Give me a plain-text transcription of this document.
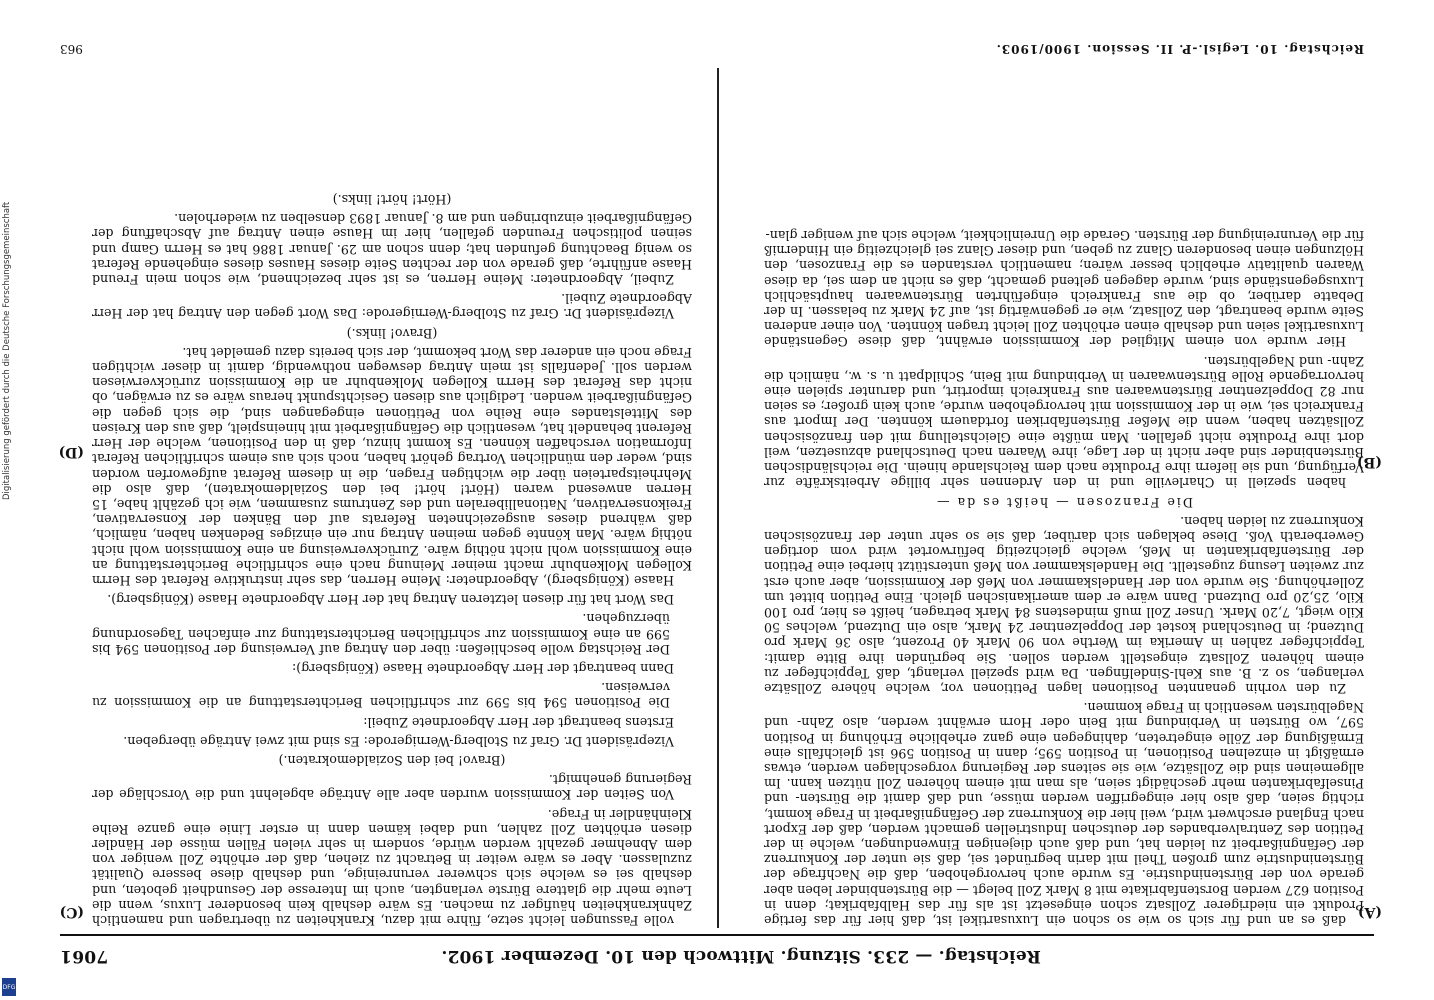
Reichstag. — 233. Sitzung. Mittwoch den 10. Dezember 1902.
7061
(A)
(B)
(C)
(D)

daß es an und für sich so wie so schon ein Luxusartikel ist, daß hier für das fertige Produkt ein niedrigerer Zollsatz schon eingesetzt ist als für das Halbfabrikat; denn in Position 627 werden Borstenfabrikate mit 8 Mark Zoll belegt — die Bürstenbinder leben aber gerade von der Bürstenindustrie. Es wurde auch hervorgehoben, daß die Nachfrage der Bürstenindustrie zum großen Theil mit darin begründet sei, daß sie unter der Konkurrenz der Gefängnißarbeit zu leiden hat, und daß auch diejenigen Einwendungen, welche in der Petition des Zentralverbandes der deutschen Industriellen gemacht werden, daß der Export nach England erschwert wird, weil hier die Konkurrenz der Gefängnißarbeit in Frage kommt, richtig seien, daß also hier eingegriffen werden müsse, und daß damit die Bürsten- und Pinselfabrikanten mehr geschädigt seien, als man mit einem höheren Zoll nützen kann. Im allgemeinen sind die Zollsätze, wie sie seitens der Regierung vorgeschlagen werden, etwas ermäßigt in einzelnen Positionen, in Position 595; dann in Position 596 ist gleichfalls eine Ermäßigung der Zölle eingetreten, dahingegen eine ganz erhebliche Erhöhung in Position 597, wo Bürsten in Verbindung mit Bein oder Horn erwähnt werden, also Zahn- und Nagelbürsten wesentlich in Frage kommen.

Zu den vorhin genannten Positionen lagen Petitionen vor, welche höhere Zollsätze verlangen, so z. B. aus Kehl-Sindelfingen. Da wird speziell verlangt, daß Teppichfeger zu einem höheren Zollsatz eingestellt werden sollen. Sie begründen ihre Bitte damit: Teppichfeger zahlen in Amerika im Werthe von 90 Mark 40 Prozent, also 36 Mark pro Dutzend; in Deutschland kostet der Doppelzentner 24 Mark, also ein Dutzend, welches 50 Kilo wiegt, 7,20 Mark. Unser Zoll muß mindestens 84 Mark betragen, heißt es hier, pro 100 Kilo, 25,20 pro Dutzend. Dann wäre er dem amerikanischen gleich. Eine Petition bittet um Zollerhöhung. Sie wurde von der Handelskammer von Meß der Kommission, aber auch erst zur zweiten Lesung zugestellt. Die Handelskammer von Meß unterstützt hierbei eine Petition der Bürstenfabrikanten in Meß, welche gleichzeitig befürwortet wird vom dortigen Gewerberath Voß. Diese beklagen sich darüber, daß sie so sehr unter der französischen Konkurrenz zu leiden haben.

Die Franzosen — heißt es da —

haben speziell in Charleville und in den Ardennen sehr billige Arbeitskräfte zur Verfügung, und sie liefern ihre Produkte nach dem Reichslande hinein. Die reichsländischen Bürstenbinder sind aber nicht in der Lage, ihre Waaren nach Deutschland abzusetzen, weil dort ihre Produkte nicht gefallen. Man müßte eine Gleichstellung mit den französischen Zollsätzen haben, wenn die Meßer Bürstenfabriken fortdauern könnten. Der Import aus Frankreich sei, wie in der Kommission mit hervorgehoben wurde, auch kein großer; es seien nur 82 Doppelzentner Bürstenwaaren aus Frankreich importirt, und darunter spielen eine hervorragende Rolle Bürstenwaaren in Verbindung mit Bein, Schildpatt u. s. w., nämlich die Zahn- und Nagelbürsten.

Hier wurde von einem Mitglied der Kommission erwähnt, daß diese Gegenstände Luxusartikel seien und deshalb einen erhöhten Zoll leicht tragen könnten. Von einer anderen Seite wurde beantragt, den Zollsatz, wie er gegenwärtig ist, auf 24 Mark zu belassen. In der Debatte darüber, ob die aus Frankreich eingeführten Bürstenwaaren hauptsächlich Luxusgegenstände sind, wurde dagegen geltend gemacht, daß es nicht an dem sei, da diese Waaren qualitativ erheblich besser wären; namentlich verstanden es die Franzosen, den Hölzungen einen besonderen Glanz zu geben, und dieser Glanz sei gleichzeitig ein Hinderniß für die Verunreinigung der Bürsten. Gerade die Unreinlichkeit, welche sich auf weniger glan-

volle Fassungen leicht setze, führe mit dazu, Krankheiten zu übertragen und namentlich Zahnkrankheiten häufiger zu machen. Es wäre deshalb kein besonderer Luxus, wenn die Leute mehr die glattere Bürste verlangten, auch im Interesse der Gesundheit geboten, und deshalb sei es welche sich schwerer verunreinige, und deshalb diese bessere Qualität zuzulassen. Aber es wäre weiter in Betracht zu ziehen, daß der erhöhte Zoll weniger von dem Abnehmer gezahlt werden würde, sondern in sehr vielen Fällen müsse der Händler diesen erhöhten Zoll zahlen, und dabei kämen dann in erster Linie eine ganze Reihe Kleinhändler in Frage.

Von Seiten der Kommission wurden aber alle Anträge abgelehnt und die Vorschläge der Regierung genehmigt.

(Bravo! bei den Sozialdemokraten.)

Vizepräsident Dr. Graf zu Stolberg-Wernigerode: Es sind mit zwei Anträge übergeben.

Erstens beantragt der Herr Abgeordnete Zubeil:

Die Positionen 594 bis 599 zur schriftlichen Berichterstattung an die Kommission zu verweisen.

Dann beantragt der Herr Abgeordnete Haase (Königsberg):

Der Reichstag wolle beschließen: über den Antrag auf Verweisung der Positionen 594 bis 599 an eine Kommission zur schriftlichen Berichterstattung zur einfachen Tagesordnung überzugehen.

Das Wort hat für diesen letzteren Antrag hat der Herr Abgeordnete Haase (Königsberg).

Haase (Königsberg), Abgeordneter: Meine Herren, das sehr instruktive Referat des Herrn Kollegen Molkenbuhr macht meiner Meinung nach eine schriftliche Berichterstattung an eine Kommission wohl nicht nöthig wäre. Zurückverweisung an eine Kommission wohl nicht nöthig wäre. Man könnte gegen meinen Antrag nur ein einziges Bedenken haben, nämlich, daß während dieses ausgezeichneten Referats auf den Bänken der Konservativen, Freikonservativen, Nationalliberalen und des Zentrums zusammen, wie ich gezählt habe, 15 Herren anwesend waren (Hört! hört! bei den Sozialdemokraten), daß also die Mehrheitsparteien über die wichtigen Fragen, die in diesem Referat aufgeworfen worden sind, weder den mündlichen Vortrag gehört haben, noch sich aus einem schriftlichen Referat Information verschaffen können. Es kommt hinzu, daß in den Positionen, welche der Herr Referent behandelt hat, wesentlich die Gefängnißarbeit mit hineinspielt, daß aus den Kreisen des Mittelstandes eine Reihe von Petitionen eingegangen sind, die sich gegen die Gefängnißarbeit wenden. Lediglich aus diesen Gesichtspunkt heraus wäre es zu erwägen, ob nicht das Referat des Herrn Kollegen Molkenbuhr an die Kommission zurückverwiesen werden soll. Jedenfalls ist mein Antrag deswegen nothwendig, damit in dieser wichtigen Frage noch ein anderer das Wort bekommt, der sich bereits dazu gemeldet hat.

(Bravo! links.)

Vizepräsident Dr. Graf zu Stolberg-Wernigerode: Das Wort gegen den Antrag hat der Herr Abgeordnete Zubeil.

Zubeil, Abgeordneter: Meine Herren, es ist sehr bezeichnend, wie schon mein Freund Haase anführte, daß gerade von der rechten Seite dieses Hauses dieses eingehende Referat so wenig Beachtung gefunden hat; denn schon am 29. Januar 1886 hat es Herrn Gamp und seinen politischen Freunden gefallen, hier im Hause einen Antrag auf Abschaffung der Gefängnißarbeit einzubringen und am 8. Januar 1893 denselben zu wiederholen.

(Hört! hört! links.)

Reichstag. 10. Legisl.-P. II. Session. 1900/1903.
963
Digitalisierung gefördert durch die Deutsche Forschungsgemeinschaft
DFG
